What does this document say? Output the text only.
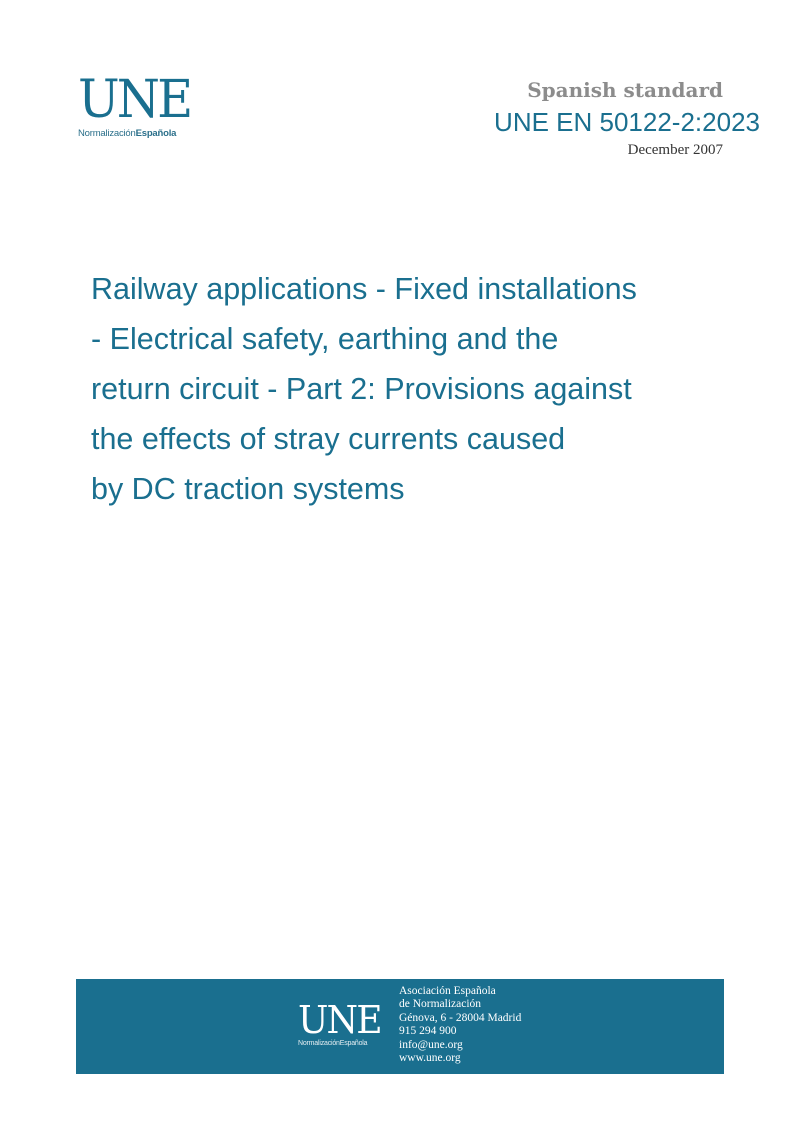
UNE
NormalizaciónEspañola
Spanish standard
UNE EN 50122-2:2023
December 2007
Railway applications - Fixed installations
- Electrical safety, earthing and the
return circuit - Part 2: Provisions against
the effects of stray currents caused
by DC traction systems
UNE
NormalizaciónEspañola
Asociación Española
de Normalización
Génova, 6 - 28004 Madrid
915 294 900
info@une.org
www.une.org
